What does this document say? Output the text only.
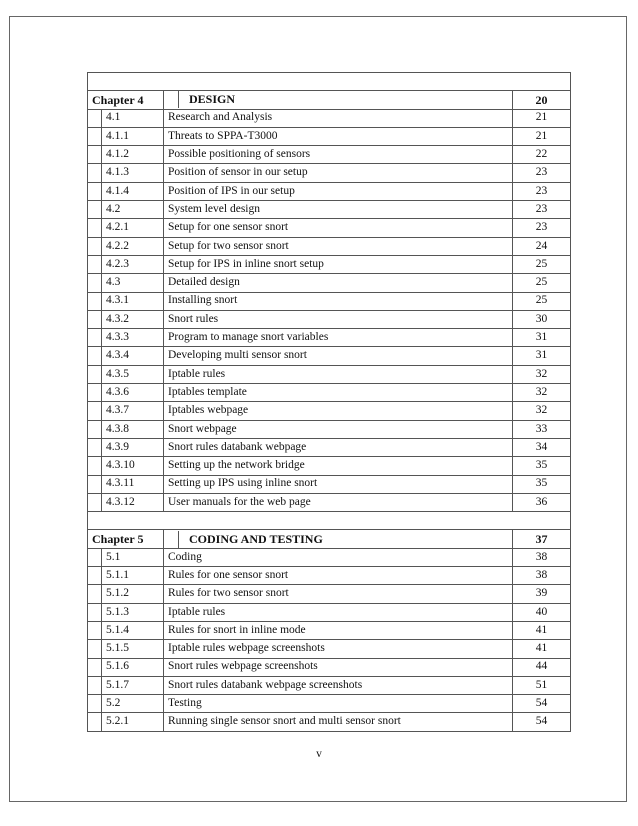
Chapter 4		DESIGN	20
	4.1	Research and Analysis	21
	4.1.1	Threats to SPPA-T3000	21
	4.1.2	Possible positioning of sensors	22
	4.1.3	Position of sensor in our setup	23
	4.1.4	Position of IPS in our setup	23
	4.2	System level design	23
	4.2.1	Setup for one sensor snort	23
	4.2.2	Setup for two sensor snort	24
	4.2.3	Setup for IPS in inline snort setup	25
	4.3	Detailed design	25
	4.3.1	Installing snort	25
	4.3.2	Snort rules	30
	4.3.3	Program to manage snort variables	31
	4.3.4	Developing multi sensor snort	31
	4.3.5	Iptable rules	32
	4.3.6	Iptables template	32
	4.3.7	Iptables webpage	32
	4.3.8	Snort webpage	33
	4.3.9	Snort rules databank webpage	34
	4.3.10	Setting up the network bridge	35
	4.3.11	Setting up IPS using inline snort	35
	4.3.12	User manuals for the web page	36

Chapter 5		CODING AND TESTING	37
	5.1	Coding	38
	5.1.1	Rules for one sensor snort	38
	5.1.2	Rules for two sensor snort	39
	5.1.3	Iptable rules	40
	5.1.4	Rules for snort in inline mode	41
	5.1.5	Iptable rules webpage screenshots	41
	5.1.6	Snort rules webpage screenshots	44
	5.1.7	Snort rules databank webpage screenshots	51
	5.2	Testing	54
	5.2.1	Running single sensor snort and multi sensor snort	54
v
